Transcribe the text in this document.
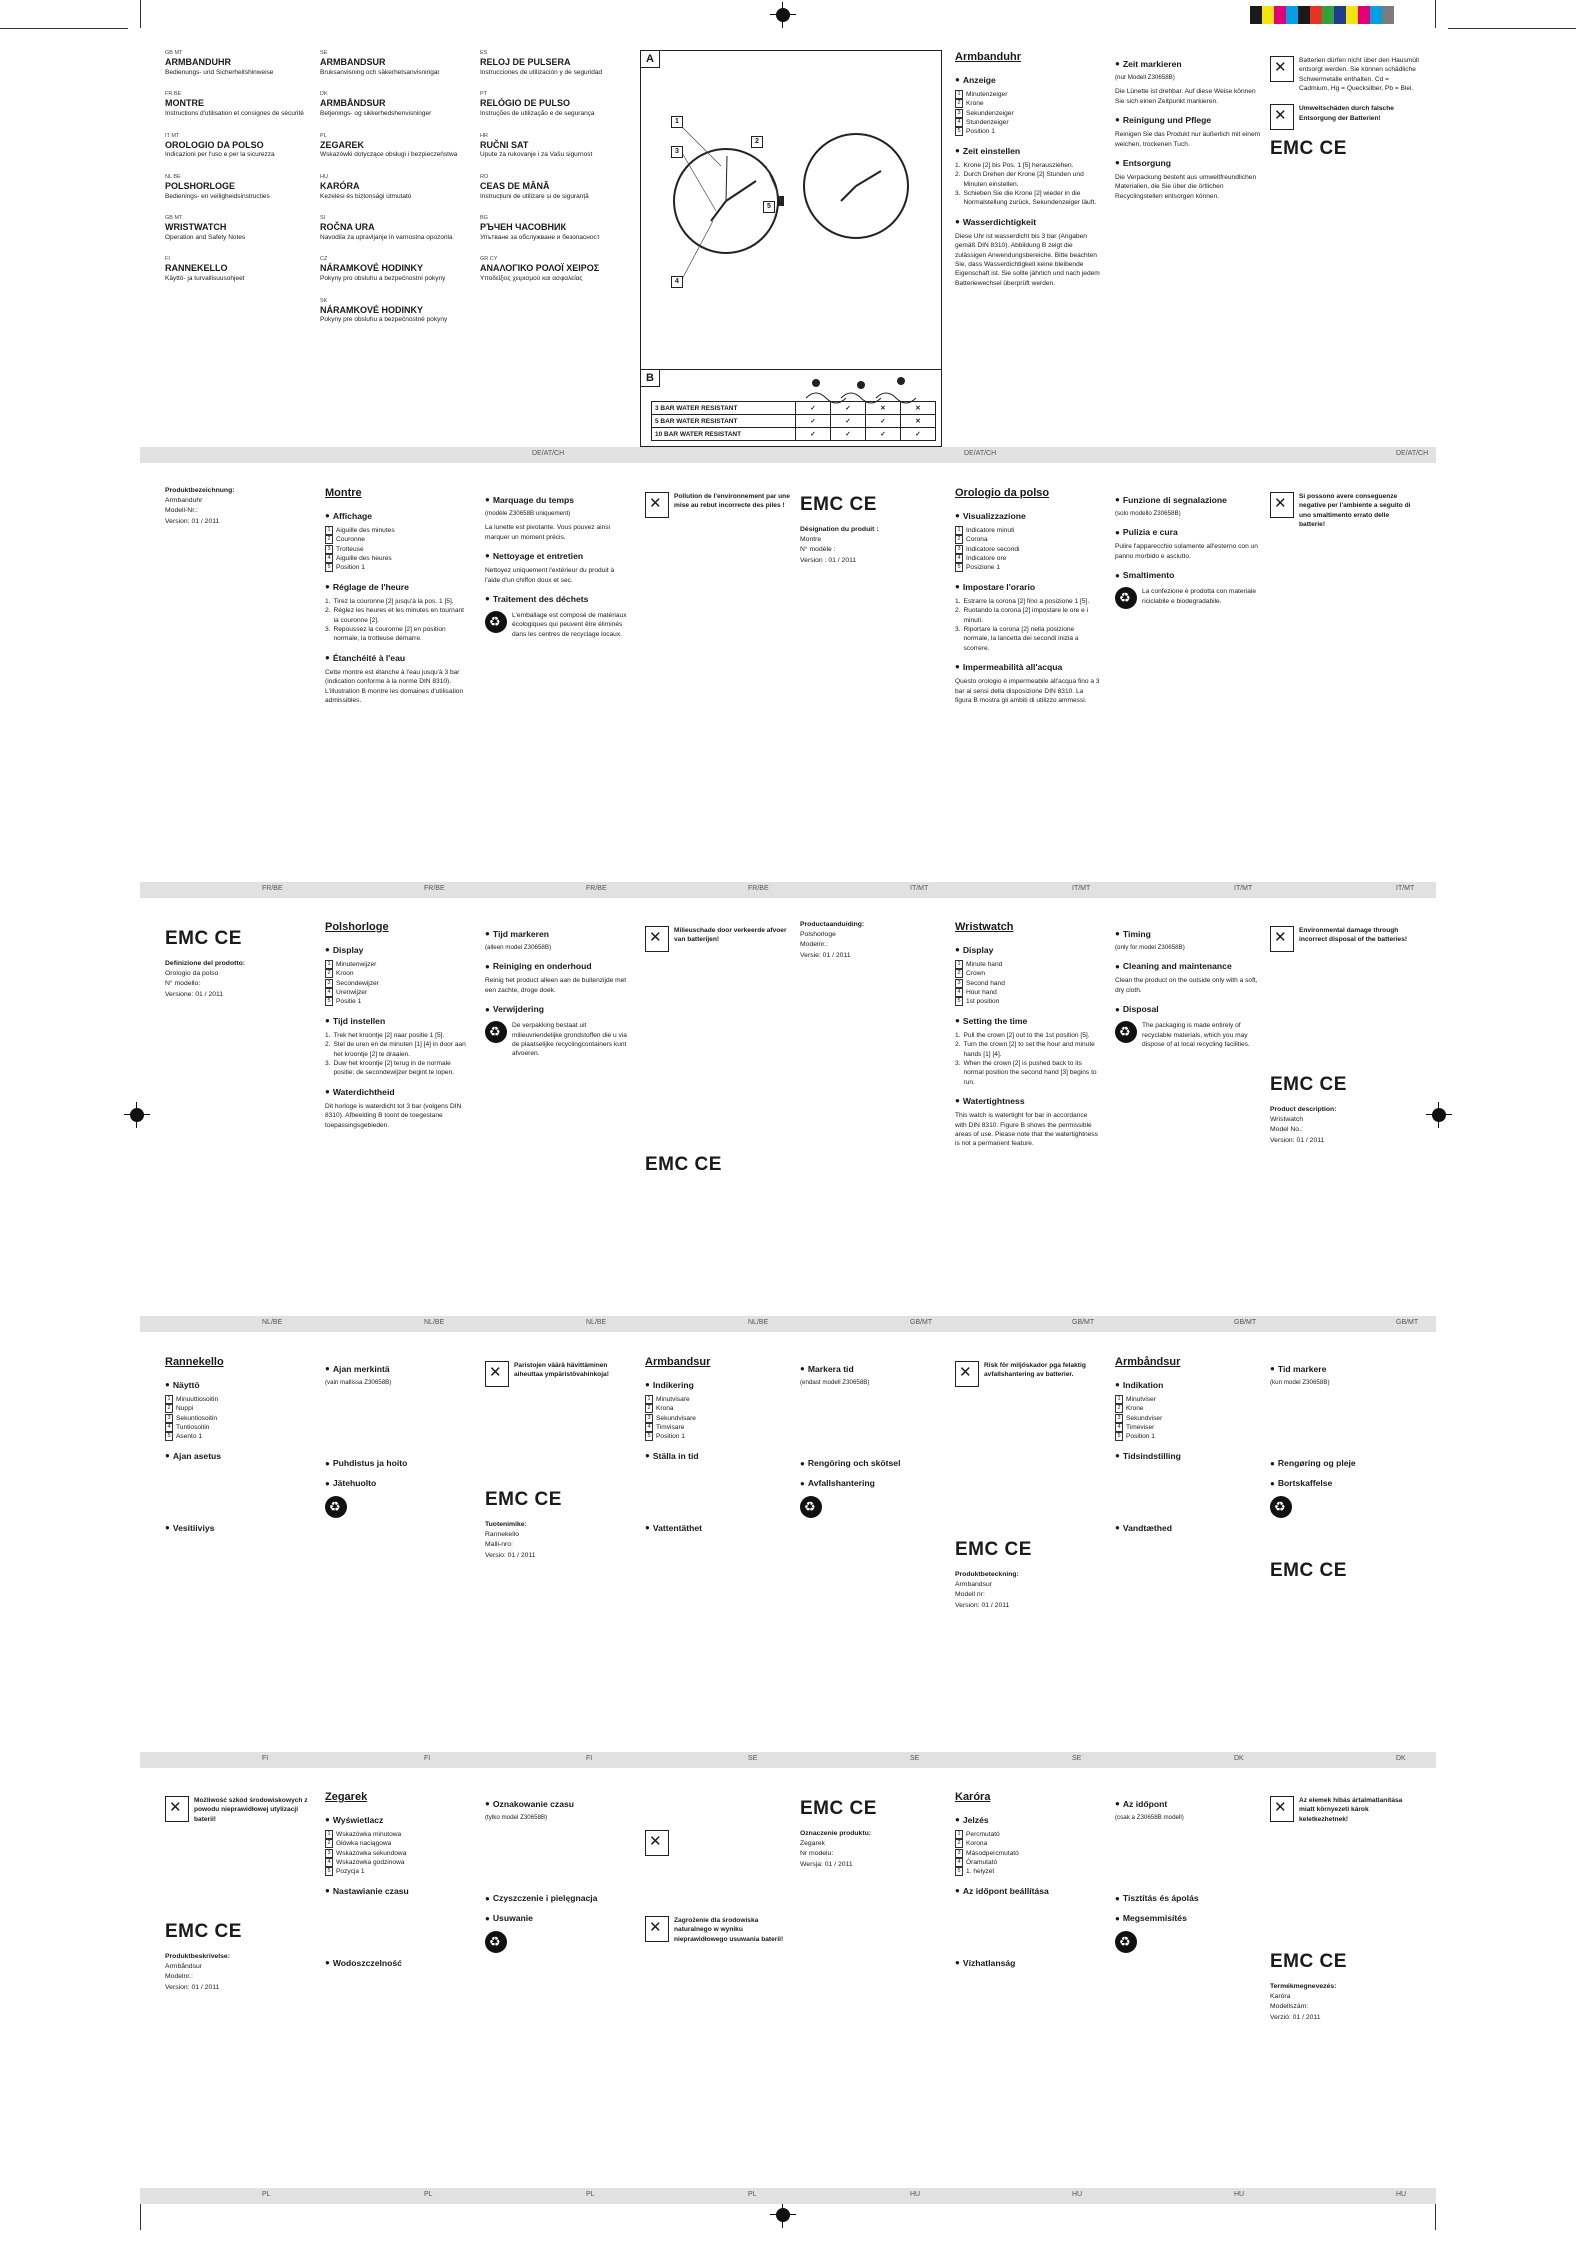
GB MT
ARMBANDUHR
Bedienungs- und Sicherheitshinweise
FR BE
MONTRE
Instructions d'utilisation et consignes de sécurité
IT MT
OROLOGIO DA POLSO
Indicazioni per l'uso e per la sicurezza
NL BE
POLSHORLOGE
Bedienings- en veiligheidsinstructies
GB MT
WRISTWATCH
Operation and Safety Notes
FI
RANNEKELLO
Käyttö- ja turvallisuusohjeet
SE
ARMBANDSUR
Bruksanvisning och säkerhetsanvisningar
DK
ARMBÅNDSUR
Betjenings- og sikkerhedshenvisninger
PL
ZEGAREK
Wskazówki dotyczące obsługi i bezpieczeństwa
HU
KARÓRA
Kezelési és biztonsági útmutató
SI
ROČNA URA
Navodila za upravljanje in varnostna opozorila
CZ
NÁRAMKOVÉ HODINKY
Pokyny pro obsluhu a bezpečnostní pokyny
SK
NÁRAMKOVÉ HODINKY
Pokyny pre obsluhu a bezpečnostné pokyny
ES
RELOJ DE PULSERA
Instrucciones de utilización y de seguridad
PT
RELÓGIO DE PULSO
Instruções de utilização e de segurança
HR
RUČNI SAT
Upute za rukovanje i za Vašu sigurnost
RO
CEAS DE MÂNĂ
Instrucțiuni de utilizare și de siguranță
BG
РЪЧЕН ЧАСОВНИК
Упътване за обслужване и безопасност
GR CY
ΑΝΑΛΟΓΙΚΟ ΡΟΛΟΪ ΧΕΙΡΟΣ
Υποδείξεις χειρισμού και ασφαλείας
A
1
2
3
4
5
B
3 BAR WATER RESISTANT	✓	✓	✕	✕
5 BAR WATER RESISTANT	✓	✓	✓	✕
10 BAR WATER RESISTANT	✓	✓	✓	✓
Armbanduhr
● Anzeige
1 Minutenzeiger
2 Krone
3 Sekundenzeiger
4 Stundenzeiger
5 Position 1
● Zeit einstellen
1. Krone [2] bis Pos. 1 [5] herausziehen.
2. Durch Drehen der Krone [2] Stunden und Minuten einstellen.
3. Schieben Sie die Krone [2] wieder in die Normalstellung zurück, Sekundenzeiger läuft.
● Wasserdichtigkeit

Diese Uhr ist wasserdicht bis 3 bar (Angaben gemäß DIN 8310). Abbildung B zeigt die zulässigen Anwendungsbereiche. Bitte beachten Sie, dass Wasserdichtigkeit keine bleibende Eigenschaft ist. Sie sollte jährlich und nach jedem Batteriewechsel überprüft werden.

● Zeit markieren

(nur Modell Z30658B)

Die Lünette ist drehbar. Auf diese Weise können Sie sich einen Zeitpunkt markieren.

● Reinigung und Pflege

Reinigen Sie das Produkt nur äußerlich mit einem weichen, trockenen Tuch.

● Entsorgung

Die Verpackung besteht aus umweltfreundlichen Materialien, die Sie über die örtlichen Recyclingstellen entsorgen können.

✕

Batterien dürfen nicht über den Hausmüll entsorgt werden. Sie können schädliche Schwermetalle enthalten. Cd = Cadmium, Hg = Quecksilber, Pb = Blei.

✕

Umweltschäden durch falsche Entsorgung der Batterien!

EMC CE
DE/AT/CH	DE/AT/CH	DE/AT/CH
Produktbezeichnung:
Armbanduhr
Modell-Nr.:
Version: 01 / 2011
Montre
● Affichage
1 Aiguille des minutes
2 Couronne
3 Trotteuse
4 Aiguille des heures
5 Position 1
● Réglage de l'heure
1. Tirez la couronne [2] jusqu'à la pos. 1 [5].
2. Réglez les heures et les minutes en tournant la couronne [2].
3. Repoussez la couronne [2] en position normale, la trotteuse démarre.
● Étanchéité à l'eau

Cette montre est étanche à l'eau jusqu'à 3 bar (indication conforme à la norme DIN 8310). L'illustration B montre les domaines d'utilisation admissibles.

● Marquage du temps

(modèle Z30658B uniquement)

La lunette est pivotante. Vous pouvez ainsi marquer un moment précis.

● Nettoyage et entretien

Nettoyez uniquement l'extérieur du produit à l'aide d'un chiffon doux et sec.

● Traitement des déchets
♻

L'emballage est composé de matériaux écologiques qui peuvent être éliminés dans les centres de recyclage locaux.

✕

Pollution de l'environnement par une mise au rebut incorrecte des piles ! EMC CE
Désignation du produit :
Montre
N° modèle :
Version : 01 / 2011
Orologio da polso
● Visualizzazione
1 Indicatore minuti
2 Corona
3 Indicatore secondi
4 Indicatore ore
5 Posizione 1
● Impostare l'orario
1. Estrarre la corona [2] fino a posizione 1 [5].
2. Ruotando la corona [2] impostare le ore e i minuti.
3. Riportare la corona [2] nella posizione normale, la lancetta dei secondi inizia a scorrere.
● Impermeabilità all'acqua

Questo orologio è impermeabile all'acqua fino a 3 bar ai sensi della disposizione DIN 8310. La figura B mostra gli ambiti di utilizzo ammessi.

● Funzione di segnalazione

(solo modello Z30658B)

● Pulizia e cura

Pulire l'apparecchio solamente all'esterno con un panno morbido e asciutto.

● Smaltimento
♻

La confezione è prodotta con materiale riciclabile e biodegradabile.

✕

Si possono avere conseguenze negative per l'ambiente a seguito di uno smaltimento errato delle batterie!

FR/BE	FR/BE	FR/BE	FR/BE	IT/MT	IT/MT	IT/MT	IT/MT
EMC CE
Definizione del prodotto:
Orologio da polso
N° modello:
Versione: 01 / 2011
Polshorloge
● Display
1 Minutenwijzer
2 Kroon
3 Secondewijzer
4 Urenwijzer
5 Positie 1
● Tijd instellen
1. Trek het kroontje [2] naar positie 1 [5].
2. Stel de uren en de minuten [1] [4] in door aan het kroontje [2] te draaien.
3. Duw het kroontje [2] terug in de normale positie; de secondewijzer begint te lopen.
● Waterdichtheid

Dit horloge is waterdicht tot 3 bar (volgens DIN 8310). Afbeelding B toont de toegestane toepassingsgebieden.

● Tijd markeren

(alleen model Z30658B)

● Reiniging en onderhoud

Reinig het product alleen aan de buitenzijde met een zachte, droge doek.

● Verwijdering
♻

De verpakking bestaat uit milieuvriendelijke grondstoffen die u via de plaatselijke recyclingcontainers kunt afvoeren.

✕

Milieuschade door verkeerde afvoer van batterijen!

EMC CE
Productaanduiding:
Polshorloge
Modelnr.:
Versie: 01 / 2011
Wristwatch
● Display
1 Minute hand
2 Crown
3 Second hand
4 Hour hand
5 1st position
● Setting the time
1. Pull the crown [2] out to the 1st position [5].
2. Turn the crown [2] to set the hour and minute hands [1] [4].
3. When the crown [2] is pushed back to its normal position the second hand [3] begins to run.
● Watertightness

This watch is watertight for bar in accordance with DIN 8310. Figure B shows the permissible areas of use. Please note that the watertightness is not a permanent feature.

● Timing

(only for model Z30658B)

● Cleaning and maintenance

Clean the product on the outside only with a soft, dry cloth.

● Disposal
♻

The packaging is made entirely of recyclable materials, which you may dispose of at local recycling facilities.

✕

Environmental damage through incorrect disposal of the batteries!

EMC CE
Product description:
Wristwatch
Model No.:
Version: 01 / 2011
NL/BE	NL/BE	NL/BE	NL/BE	GB/MT	GB/MT	GB/MT	GB/MT
Rannekello
● Näyttö
1 Minuuttiosoitin
2 Nuppi
3 Sekuntiosoitin
4 Tuntiosoitin
5 Asento 1
● Ajan asetus
● Vesitiiviys
● Ajan merkintä

(vain mallissa Z30658B)

● Puhdistus ja hoito
● Jätehuolto
♻
✕

Paristojen väärä hävittäminen aiheuttaa ympäristövahinkoja!

EMC CE
Tuotenimike:
Rannekello
Malli-nro:
Versio: 01 / 2011
Armbandsur
● Indikering
1 Minutvisare
2 Krona
3 Sekundvisare
4 Timvisare
5 Position 1
● Ställa in tid
● Vattentäthet
● Markera tid

(endast modell Z30658B)

● Rengöring och skötsel
● Avfallshantering
♻
✕

Risk för miljöskador pga felaktig avfallshantering av batterier.

EMC CE
Produktbeteckning:
Armbandsur
Modell nr:
Version: 01 / 2011
Armbåndsur
● Indikation
1 Minutviser
2 Krone
3 Sekundviser
4 Timeviser
5 Position 1
● Tidsindstilling
● Vandtæthed
● Tid markere

(kun model Z30658B)

● Rengøring og pleje
● Bortskaffelse
♻
EMC CE
FI	FI	FI	SE	SE	SE	DK	DK
✕

Możliwość szkód środowiskowych z powodu nieprawidłowej utylizacji baterii!

EMC CE
Produktbeskrivelse:
Armbåndsur
Modelnr.:
Version: 01 / 2011
Zegarek
● Wyświetlacz
1 Wskazówka minutowa
2 Główka naciągowa
3 Wskazówka sekundowa
4 Wskazówka godzinowa
5 Pozycja 1
● Nastawianie czasu
● Wodoszczelność
● Oznakowanie czasu

(tylko model Z30658B)

● Czyszczenie i pielęgnacja
● Usuwanie
♻
✕ ✕	Zagrożenie dla środowiska naturalnego w wyniku nieprawidłowego usuwania baterii!

EMC CE
Oznaczenie produktu:
Zegarek
Nr modelu:
Wersja: 01 / 2011
Karóra
● Jelzés
1 Percmutató
2 Korona
3 Másodpercmutató
4 Óramutató
5 1. helyzet
● Az időpont beállítása
● Vízhatlanság
● Az időpont

(csak a Z30658B modell)

● Tisztítás és ápolás
● Megsemmisítés
♻
✕

Az elemek hibás ártalmatlanítása miatt környezeti károk keletkezhetnek!

EMC CE
Termékmegnevezés:
Karóra
Modellszám:
Verzió: 01 / 2011
PL	PL	PL	PL	HU	HU	HU	HU
